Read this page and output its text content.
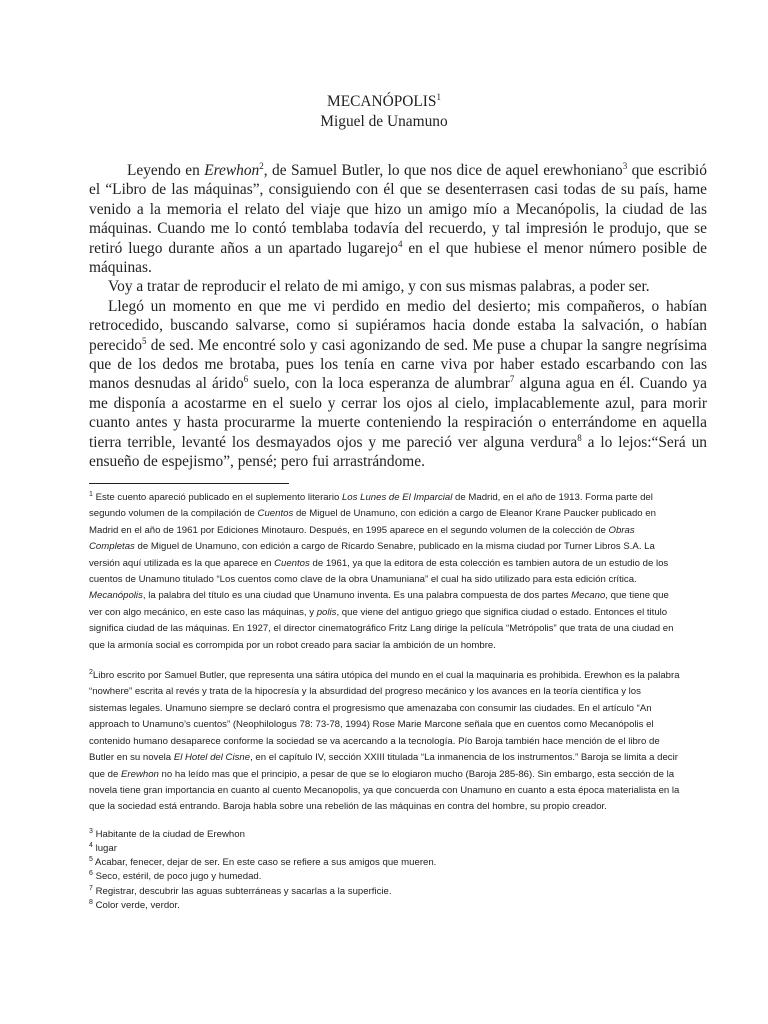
MECANÓPOLIS$^1$
Miguel de Unamuno

Leyendo en Erewhon$^2$, de Samuel Butler, lo que nos dice de aquel erewhoniano$^3$ que escribió el “Libro de las máquinas”, consiguiendo con él que se desenterrasen casi todas de su país, hame venido a la memoria el relato del viaje que hizo un amigo mío a Mecanópolis, la ciudad de las máquinas. Cuando me lo contó temblaba todavía del recuerdo, y tal impresión le produjo, que se retiró luego durante años a un apartado lugarejo$^4$ en el que hubiese el menor número posible de máquinas.

Voy a tratar de reproducir el relato de mi amigo, y con sus mismas palabras, a poder ser.

Llegó un momento en que me vi perdido en medio del desierto; mis compañeros, o habían retrocedido, buscando salvarse, como si supiéramos hacia donde estaba la salvación, o habían perecido$^5$ de sed. Me encontré solo y casi agonizando de sed. Me puse a chupar la sangre negrísima que de los dedos me brotaba, pues los tenía en carne viva por haber estado escarbando con las manos desnudas al árido$^6$ suelo, con la loca esperanza de alumbrar$^7$ alguna agua en él. Cuando ya me disponía a acostarme en el suelo y cerrar los ojos al cielo, implacablemente azul, para morir cuanto antes y hasta procurarme la muerte conteniendo la respiración o enterrándome en aquella tierra terrible, levanté los desmayados ojos y me pareció ver alguna verdura$^8$ a lo lejos:“Será un ensueño de espejismo”, pensé; pero fui arrastrándome.

$^1$ Este cuento apareció publicado en el suplemento literario Los Lunes de El Imparcial de Madrid, en el año de 1913. Forma parte del segundo volumen de la compilación de Cuentos de Miguel de Unamuno, con edición a cargo de Eleanor Krane Paucker publicado en Madrid en el año de 1961 por Ediciones Minotauro. Después, en 1995 aparece en el segundo volumen de la colección de Obras Completas de Miguel de Unamuno, con edición a cargo de Ricardo Senabre, publicado en la misma ciudad por Turner Libros S.A. La versión aquí utilizada es la que aparece en Cuentos de 1961, ya que la editora de esta colección es tambien autora de un estudio de los cuentos de Unamuno titulado “Los cuentos como clave de la obra Unamuniana” el cual ha sido utilizado para esta edición crítica. Mecanópolis, la palabra del título es una ciudad que Unamuno inventa. Es una palabra compuesta de dos partes Mecano, que tiene que ver con algo mecánico, en este caso las máquinas, y polis, que viene del antiguo griego que significa ciudad o estado. Entonces el titulo significa ciudad de las máquinas. En 1927, el director cinematográfico Fritz Lang dirige la película “Metrópolis” que trata de una ciudad en que la armonía social es corrompida por un robot creado para saciar la ambición de un hombre.

$^2$Libro escrito por Samuel Butler, que representa una sátira utópica del mundo en el cual la maquinaria es prohibida. Erewhon es la palabra “nowhere” escrita al revés y trata de la hipocresía y la absurdidad del progreso mecánico y los avances en la teoría científica y los sistemas legales. Unamuno siempre se declaró contra el progresismo que amenazaba con consumir las ciudades. En el artículo “An approach to Unamuno’s cuentos” (Neophilologus 78: 73-78, 1994) Rose Marie Marcone señala que en cuentos como Mecanópolis el contenido humano desaparece conforme la sociedad se va acercando a la tecnología. Pío Baroja también hace mención de el libro de Butler en su novela El Hotel del Cisne, en el capítulo IV, sección XXIII titulada “La inmanencia de los instrumentos.” Baroja se limita a decir que de Erewhon no ha leído mas que el principio, a pesar de que se lo elogiaron mucho (Baroja 285-86). Sin embargo, esta sección de la novela tiene gran importancia en cuanto al cuento Mecanopolis, ya que concuerda con Unamuno en cuanto a esta época materialista en la que la sociedad está entrando. Baroja habla sobre una rebelión de las máquinas en contra del hombre, su propio creador.

$^3$ Habitante de la ciudad de Erewhon

$^4$ lugar

$^5$ Acabar, fenecer, dejar de ser. En este caso se refiere a sus amigos que mueren.

$^6$ Seco, estéril, de poco jugo y humedad.

$^7$ Registrar, descubrir las aguas subterráneas y sacarlas a la superficie.

$^8$ Color verde, verdor.
